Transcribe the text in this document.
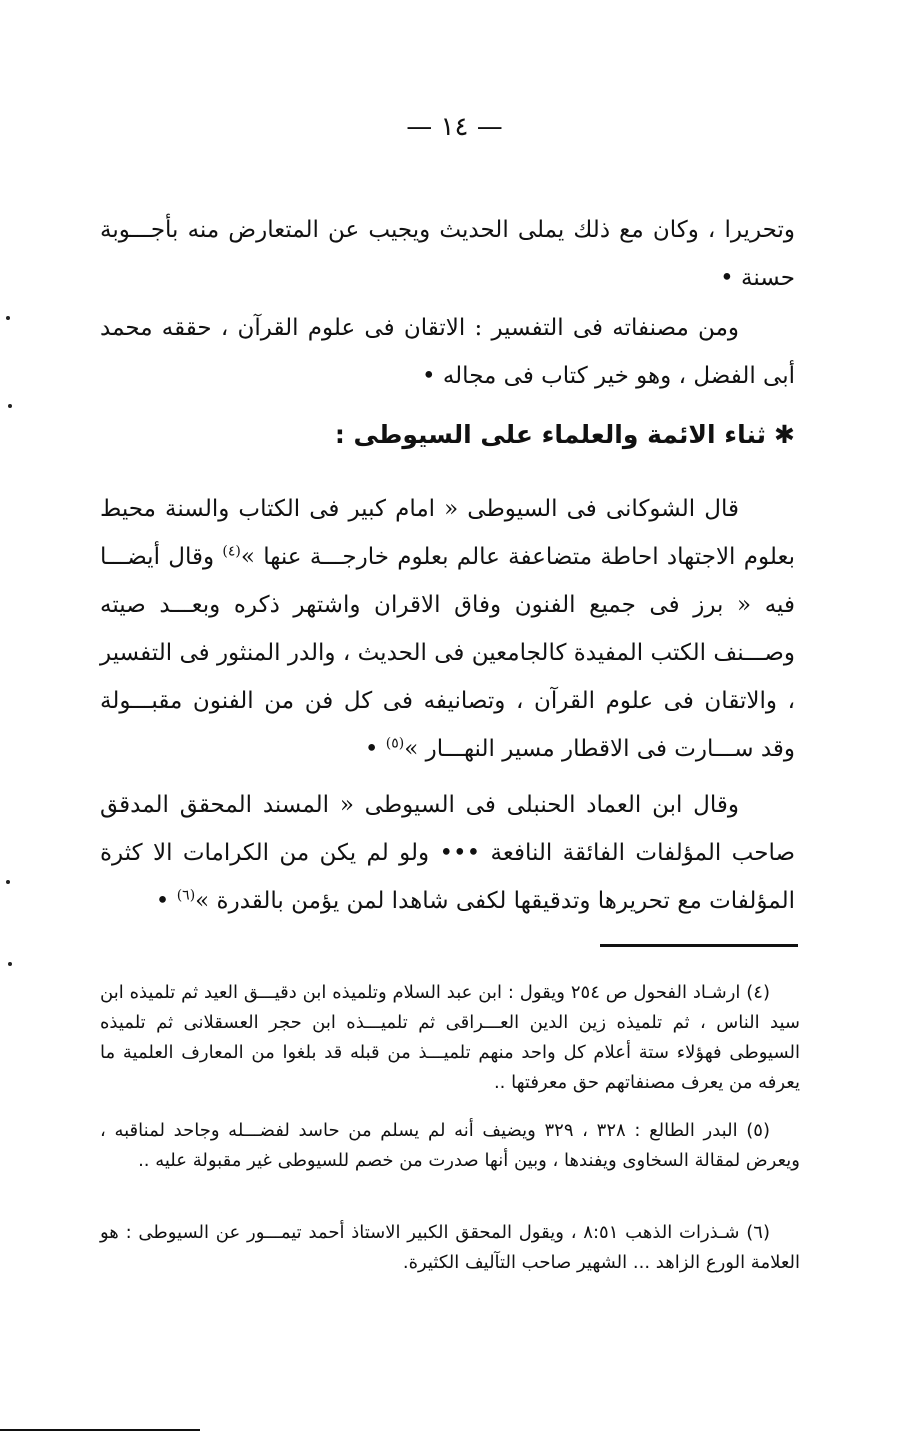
— ١٤ —

وتحريرا ، وكان مع ذلك يملى الحديث ويجيب عن المتعارض منه بأجـــوبة حسنة •

ومن مصنفاته فى التفسير : الاتقان فى علوم القرآن ، حققه محمد أبى الفضل ، وهو خير كتاب فى مجاله •

✱ثناء الائمة والعلماء على السيوطى :

قال الشوكانى فى السيوطى « امام كبير فى الكتاب والسنة محيط بعلوم الاجتهاد احاطة متضاعفة عالم بعلوم خارجـــة عنها »$^{(٤)}$ وقال أيضـــا فيه « برز فى جميع الفنون وفاق الاقران واشتهر ذكره وبعـــد صيته وصـــنف الكتب المفيدة كالجامعين فى الحديث ، والدر المنثور فى التفسير ، والاتقان فى علوم القرآن ، وتصانيفه فى كل فن من الفنون مقبـــولة وقد ســـارت فى الاقطار مسير النهـــار »$^{(٥)}$ •

وقال ابن العماد الحنبلى فى السيوطى « المسند المحقق المدقق صاحب المؤلفات الفائقة النافعة ••• ولو لم يكن من الكرامات الا كثرة المؤلفات مع تحريرها وتدقيقها لكفى شاهدا لمن يؤمن بالقدرة »$^{(٦)}$ •

(٤) ارشـاد الفحول ص ٢٥٤ ويقول : ابن عبد السلام وتلميذه ابن دقيـــق العيد ثم تلميذه ابن سيد الناس ، ثم تلميذه زين الدين العـــراقى ثم تلميـــذه ابن حجر العسقلانى ثم تلميذه السيوطى فهؤلاء ستة أعلام كل واحد منهم تلميـــذ من قبله قد بلغوا من المعارف العلمية ما يعرفه من يعرف مصنفاتهم حق معرفتها ..

(٥) البدر الطالع : ٣٢٨ ، ٣٢٩ ويضيف أنه لم يسلم من حاسد لفضـــله وجاحد لمناقبه ، ويعرض لمقالة السخاوى ويفندها ، وبين أنها صدرت من خصم للسيوطى غير مقبولة عليه ..

(٦) شـذرات الذهب ٨:٥١ ، ويقول المحقق الكبير الاستاذ أحمد تيمـــور عن السيوطى : هو العلامة الورع الزاهد ... الشهير صاحب التآليف الكثيرة.
